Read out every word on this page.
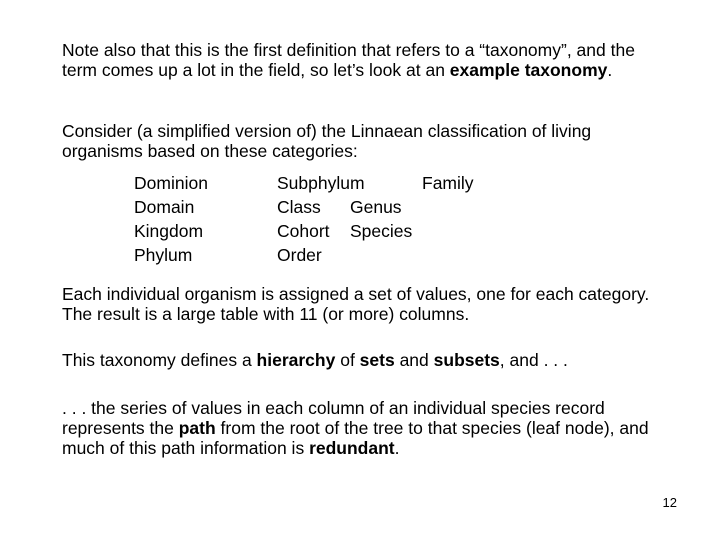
Note also that this is the first definition that refers to a “taxonomy”, and the term comes up a lot in the field, so let’s look at an example taxonomy.

Consider (a simplified version of) the Linnaean classification of living organisms based on these categories:

Dominion
Domain
Kingdom
Phylum
Subphylum
Class
Cohort
Order
Genus
Species
Family

Each individual organism is assigned a set of values, one for each category. The result is a large table with 11 (or more) columns.

This taxonomy defines a hierarchy of sets and subsets, and . . .

. . . the series of values in each column of an individual species record represents the path from the root of the tree to that species (leaf node), and much of this path information is redundant.

12
